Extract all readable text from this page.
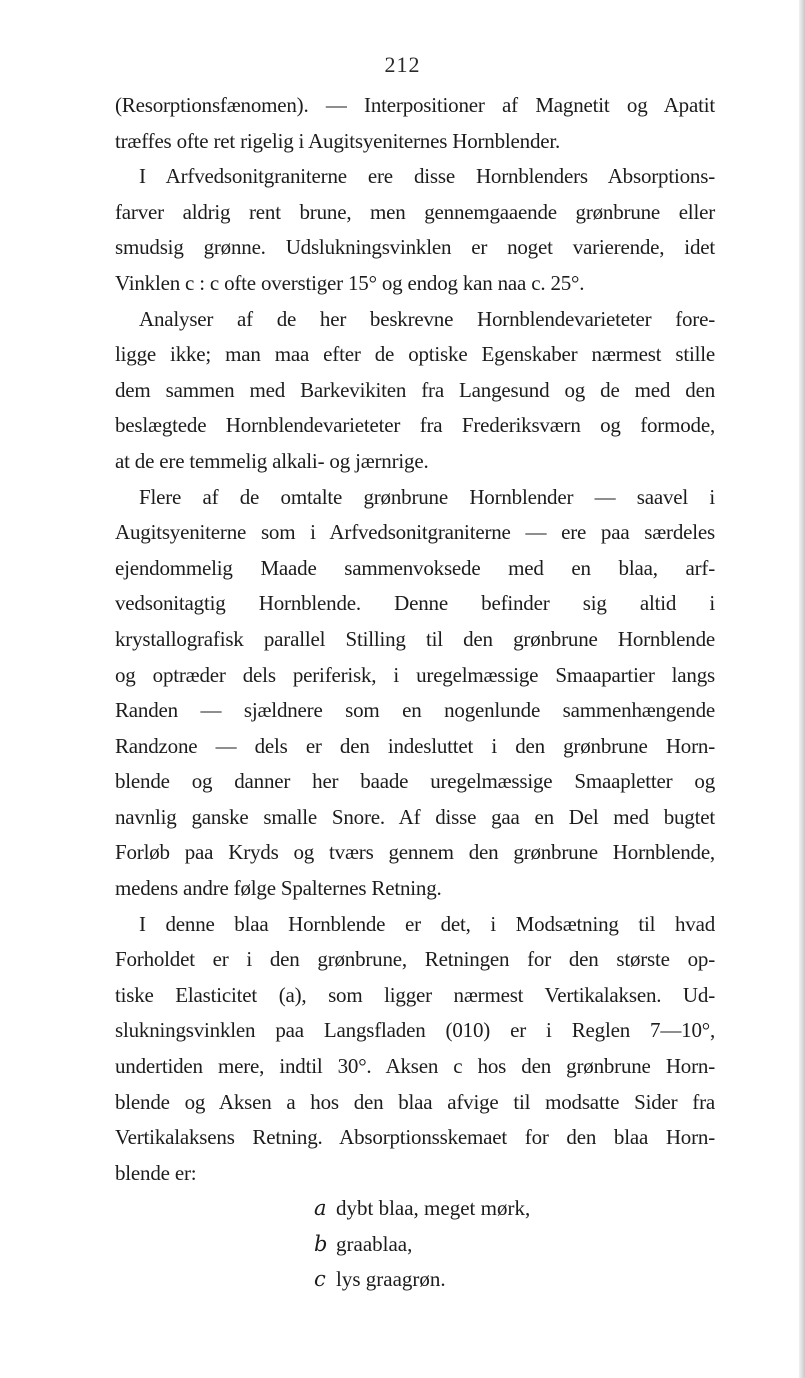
212
(Resorptionsfænomen). — Interpositioner af Magnetit og Apatit
træffes ofte ret rigelig i Augitsyeniternes Hornblender.
I Arfvedsonitgraniterne ere disse Hornblenders Absorptions-
farver aldrig rent brune, men gennemgaaende grønbrune eller
smudsig grønne. Udslukningsvinklen er noget varierende, idet
Vinklen c : c ofte overstiger 15° og endog kan naa c. 25°.
Analyser af de her beskrevne Hornblendevarieteter fore-
ligge ikke; man maa efter de optiske Egenskaber nærmest stille
dem sammen med Barkevikiten fra Langesund og de med den
beslægtede Hornblendevarieteter fra Frederiksværn og formode,
at de ere temmelig alkali- og jærnrige.
Flere af de omtalte grønbrune Hornblender — saavel i
Augitsyeniterne som i Arfvedsonitgraniterne — ere paa særdeles
ejendommelig Maade sammenvoksede med en blaa, arf-
vedsonitagtig Hornblende. Denne befinder sig altid i
krystallografisk parallel Stilling til den grønbrune Hornblende
og optræder dels periferisk, i uregelmæssige Smaapartier langs
Randen — sjældnere som en nogenlunde sammenhængende
Randzone — dels er den indesluttet i den grønbrune Horn-
blende og danner her baade uregelmæssige Smaapletter og
navnlig ganske smalle Snore. Af disse gaa en Del med bugtet
Forløb paa Kryds og tværs gennem den grønbrune Hornblende,
medens andre følge Spalternes Retning.
I denne blaa Hornblende er det, i Modsætning til hvad
Forholdet er i den grønbrune, Retningen for den største op-
tiske Elasticitet (a), som ligger nærmest Vertikalaksen. Ud-
slukningsvinklen paa Langsfladen (010) er i Reglen 7—10°,
undertiden mere, indtil 30°. Aksen c hos den grønbrune Horn-
blende og Aksen a hos den blaa afvige til modsatte Sider fra
Vertikalaksens Retning. Absorptionsskemaet for den blaa Horn-
blende er:
a dybt blaa, meget mørk,
b graablaa,
c lys graagrøn.
